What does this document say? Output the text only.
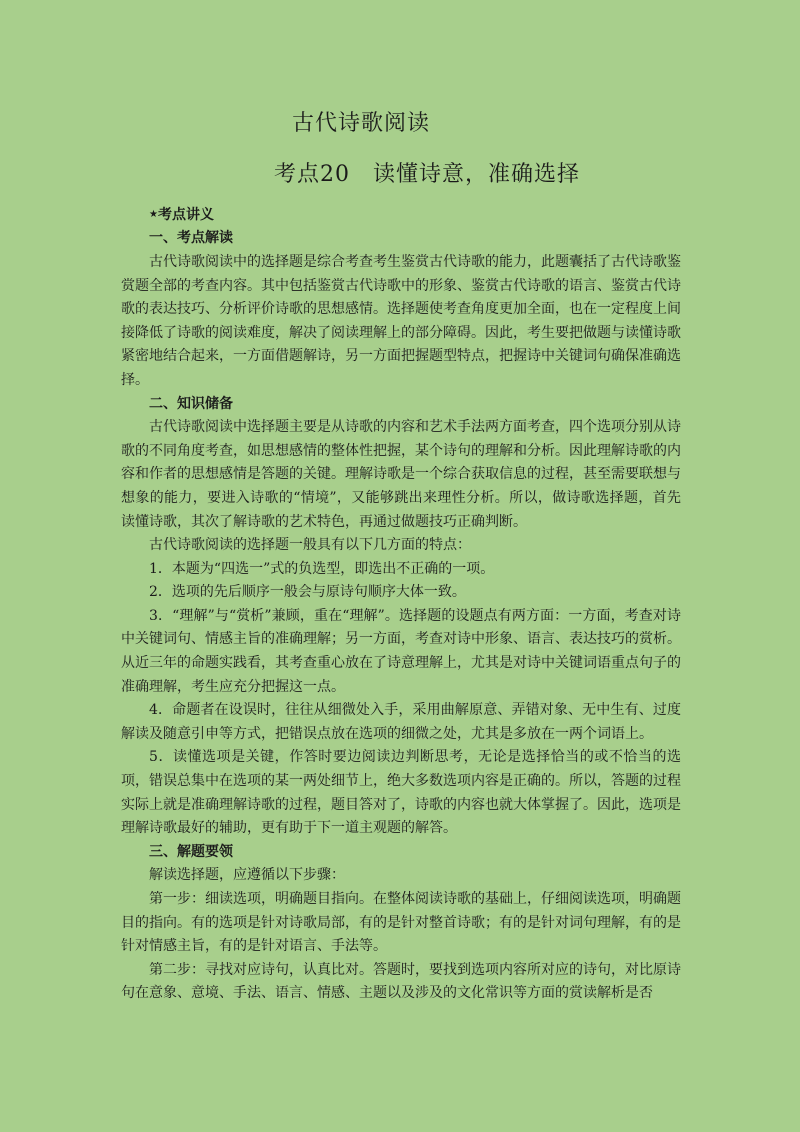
古代诗歌阅读
考点20　读懂诗意，准确选择

★考点讲义

一、考点解读

古代诗歌阅读中的选择题是综合考查考生鉴赏古代诗歌的能力，此题囊括了古代诗歌鉴赏题全部的考查内容。其中包括鉴赏古代诗歌中的形象、鉴赏古代诗歌的语言、鉴赏古代诗歌的表达技巧、分析评价诗歌的思想感情。选择题使考查角度更加全面，也在一定程度上间接降低了诗歌的阅读难度，解决了阅读理解上的部分障碍。因此，考生要把做题与读懂诗歌紧密地结合起来，一方面借题解诗，另一方面把握题型特点，把握诗中关键词句确保准确选择。

二、知识储备

古代诗歌阅读中选择题主要是从诗歌的内容和艺术手法两方面考查，四个选项分别从诗歌的不同角度考查，如思想感情的整体性把握，某个诗句的理解和分析。因此理解诗歌的内容和作者的思想感情是答题的关键。理解诗歌是一个综合获取信息的过程，甚至需要联想与想象的能力，要进入诗歌的“情境”，又能够跳出来理性分析。所以，做诗歌选择题，首先读懂诗歌，其次了解诗歌的艺术特色，再通过做题技巧正确判断。

古代诗歌阅读的选择题一般具有以下几方面的特点：

1．本题为“四选一”式的负选型，即选出不正确的一项。

2．选项的先后顺序一般会与原诗句顺序大体一致。

3．“理解”与“赏析”兼顾，重在“理解”。选择题的设题点有两方面：一方面，考查对诗中关键词句、情感主旨的准确理解；另一方面，考查对诗中形象、语言、表达技巧的赏析。从近三年的命题实践看，其考查重心放在了诗意理解上，尤其是对诗中关键词语重点句子的准确理解，考生应充分把握这一点。

4．命题者在设误时，往往从细微处入手，采用曲解原意、弄错对象、无中生有、过度解读及随意引申等方式，把错误点放在选项的细微之处，尤其是多放在一两个词语上。

5．读懂选项是关键，作答时要边阅读边判断思考，无论是选择恰当的或不恰当的选项，错误总集中在选项的某一两处细节上，绝大多数选项内容是正确的。所以，答题的过程实际上就是准确理解诗歌的过程，题目答对了，诗歌的内容也就大体掌握了。因此，选项是理解诗歌最好的辅助，更有助于下一道主观题的解答。

三、解题要领

解读选择题，应遵循以下步骤：

第一步：细读选项，明确题目指向。在整体阅读诗歌的基础上，仔细阅读选项，明确题目的指向。有的选项是针对诗歌局部，有的是针对整首诗歌；有的是针对词句理解，有的是针对情感主旨，有的是针对语言、手法等。

第二步：寻找对应诗句，认真比对。答题时，要找到选项内容所对应的诗句，对比原诗句在意象、意境、手法、语言、情感、主题以及涉及的文化常识等方面的赏读解析是否
